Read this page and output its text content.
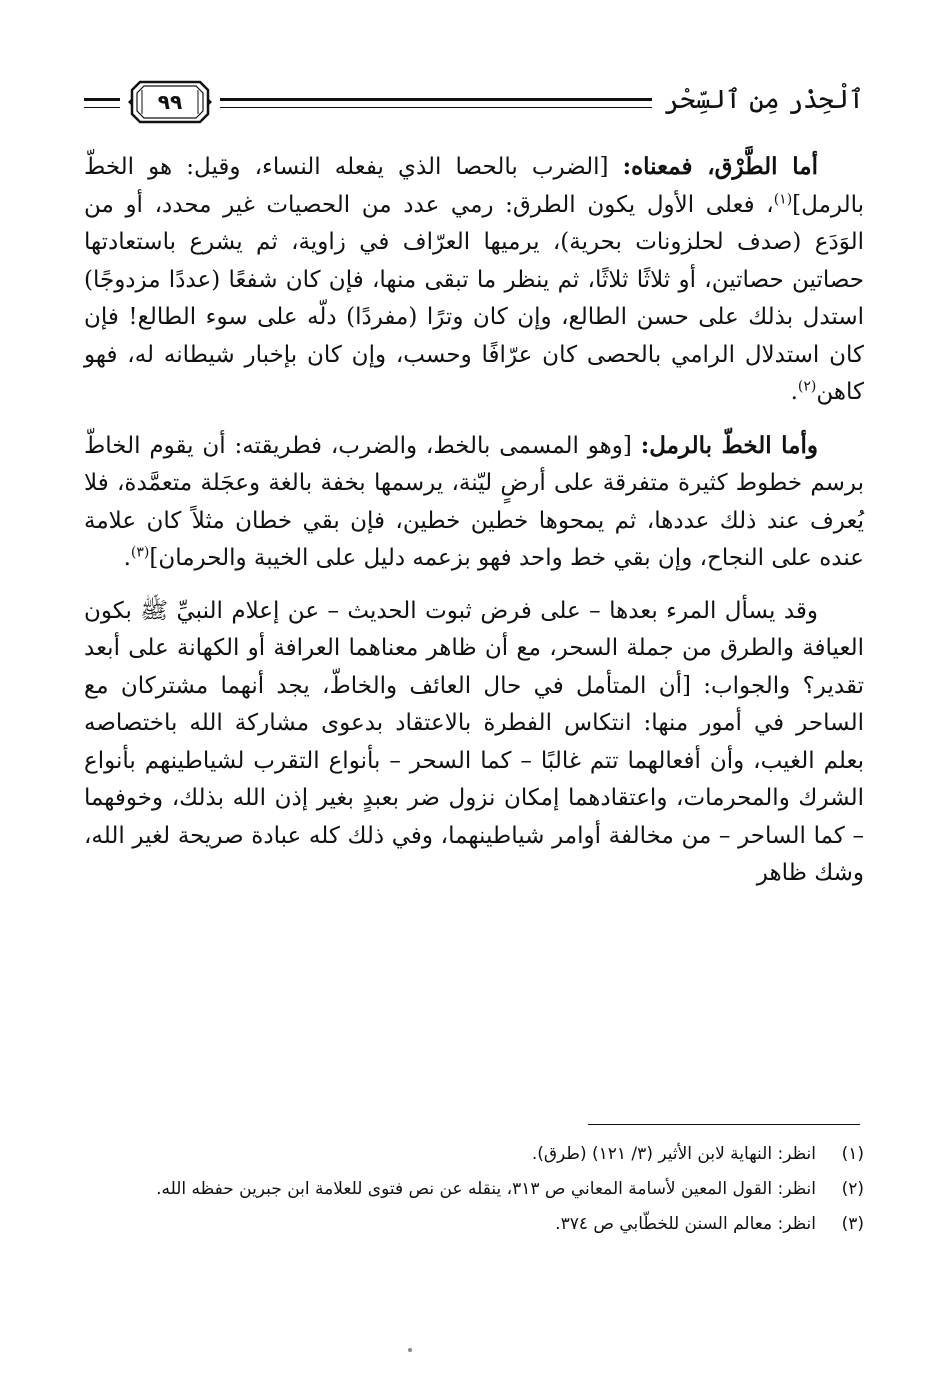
ٱلْحِذْر مِن ٱلسِّحْر
٩٩

أما الطَّرْق، فمعناه: [الضرب بالحصا الذي يفعله النساء، وقيل: هو الخطّ بالرمل]$^{(١)}$، فعلى الأول يكون الطرق: رمي عدد من الحصيات غير محدد، أو من الوَدَع (صدف لحلزونات بحرية)، يرميها العرّاف في زاوية، ثم يشرع باستعادتها حصاتين حصاتين، أو ثلاثًا ثلاثًا، ثم ينظر ما تبقى منها، فإن كان شفعًا (عددًا مزدوجًا) استدل بذلك على حسن الطالع، وإن كان وترًا (مفردًا) دلّه على سوء الطالع! فإن كان استدلال الرامي بالحصى كان عرّافًا وحسب، وإن كان بإخبار شيطانه له، فهو كاهن$^{(٢)}$.

وأما الخطّ بالرمل: [وهو المسمى بالخط، والضرب، فطريقته: أن يقوم الخاطّ برسم خطوط كثيرة متفرقة على أرضٍ ليّنة، يرسمها بخفة بالغة وعجَلة متعمَّدة، فلا يُعرف عند ذلك عددها، ثم يمحوها خطين خطين، فإن بقي خطان مثلاً كان علامة عنده على النجاح، وإن بقي خط واحد فهو بزعمه دليل على الخيبة والحرمان]$^{(٣)}$.

وقد يسأل المرء بعدها – على فرض ثبوت الحديث – عن إعلام النبيِّ ﷺ بكون العيافة والطرق من جملة السحر، مع أن ظاهر معناهما العرافة أو الكهانة على أبعد تقدير؟ والجواب: [أن المتأمل في حال العائف والخاطّ، يجد أنهما مشتركان مع الساحر في أمور منها: انتكاس الفطرة بالاعتقاد بدعوى مشاركة الله باختصاصه بعلم الغيب، وأن أفعالهما تتم غالبًا – كما السحر – بأنواع التقرب لشياطينهم بأنواع الشرك والمحرمات، واعتقادهما إمكان نزول ضر بعبدٍ بغير إذن الله بذلك، وخوفهما – كما الساحر – من مخالفة أوامر شياطينهما، وفي ذلك كله عبادة صريحة لغير الله، وشك ظاهر

(١)
انظر: النهاية لابن الأثير (٣/ ١٢١) (طرق).
(٢)
انظر: القول المعين لأسامة المعاني ص ٣١٣، ينقله عن نص فتوى للعلامة ابن جبرين حفظه الله.
(٣)
انظر: معالم السنن للخطّابي ص ٣٧٤.
